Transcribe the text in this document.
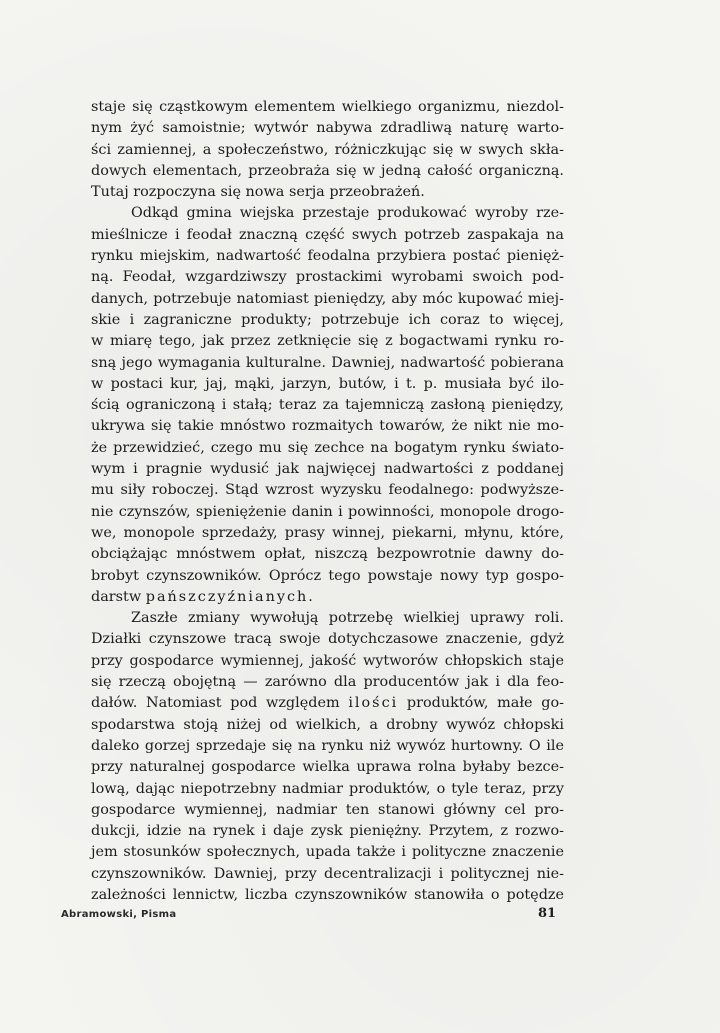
staje się cząstkowym elementem wielkiego organizmu, niezdol-
nym żyć samoistnie; wytwór nabywa zdradliwą naturę warto-
ści zamiennej, a społeczeństwo, różniczkując się w swych skła-
dowych elementach, przeobraża się w jedną całość organiczną.
Tutaj rozpoczyna się nowa serja przeobrażeń.

Odkąd gmina wiejska przestaje produkować wyroby rze-
mieślnicze i feodał znaczną część swych potrzeb zaspakaja na
rynku miejskim, nadwartość feodalna przybiera postać pienięż-
ną. Feodał, wzgardziwszy prostackimi wyrobami swoich pod-
danych, potrzebuje natomiast pieniędzy, aby móc kupować miej-
skie i zagraniczne produkty; potrzebuje ich coraz to więcej,
w miarę tego, jak przez zetknięcie się z bogactwami rynku ro-
sną jego wymagania kulturalne. Dawniej, nadwartość pobierana
w postaci kur, jaj, mąki, jarzyn, butów, i t. p. musiała być ilo-
ścią ograniczoną i stałą; teraz za tajemniczą zasłoną pieniędzy,
ukrywa się takie mnóstwo rozmaitych towarów, że nikt nie mo-
że przewidzieć, czego mu się zechce na bogatym rynku świato-
wym i pragnie wydusić jak najwięcej nadwartości z poddanej
mu siły roboczej. Stąd wzrost wyzysku feodalnego: podwyższe-
nie czynszów, spieniężenie danin i powinności, monopole drogo-
we, monopole sprzedaży, prasy winnej, piekarni, młynu, które,
obciążając mnóstwem opłat, niszczą bezpowrotnie dawny do-
brobyt czynszowników. Oprócz tego powstaje nowy typ gospo-
darstw pańszczyźnianych.

Zaszłe zmiany wywołują potrzebę wielkiej uprawy roli.
Działki czynszowe tracą swoje dotychczasowe znaczenie, gdyż
przy gospodarce wymiennej, jakość wytworów chłopskich staje
się rzeczą obojętną — zarówno dla producentów jak i dla feo-
dałów. Natomiast pod względem ilości produktów, małe go-
spodarstwa stoją niżej od wielkich, a drobny wywóz chłopski
daleko gorzej sprzedaje się na rynku niż wywóz hurtowny. O ile
przy naturalnej gospodarce wielka uprawa rolna byłaby bezce-
lową, dając niepotrzebny nadmiar produktów, o tyle teraz, przy
gospodarce wymiennej, nadmiar ten stanowi główny cel pro-
dukcji, idzie na rynek i daje zysk pieniężny. Przytem, z rozwo-
jem stosunków społecznych, upada także i polityczne znaczenie
czynszowników. Dawniej, przy decentralizacji i politycznej nie-
zależności lennictw, liczba czynszowników stanowiła o potędze

Abramowski, Pisma	81
